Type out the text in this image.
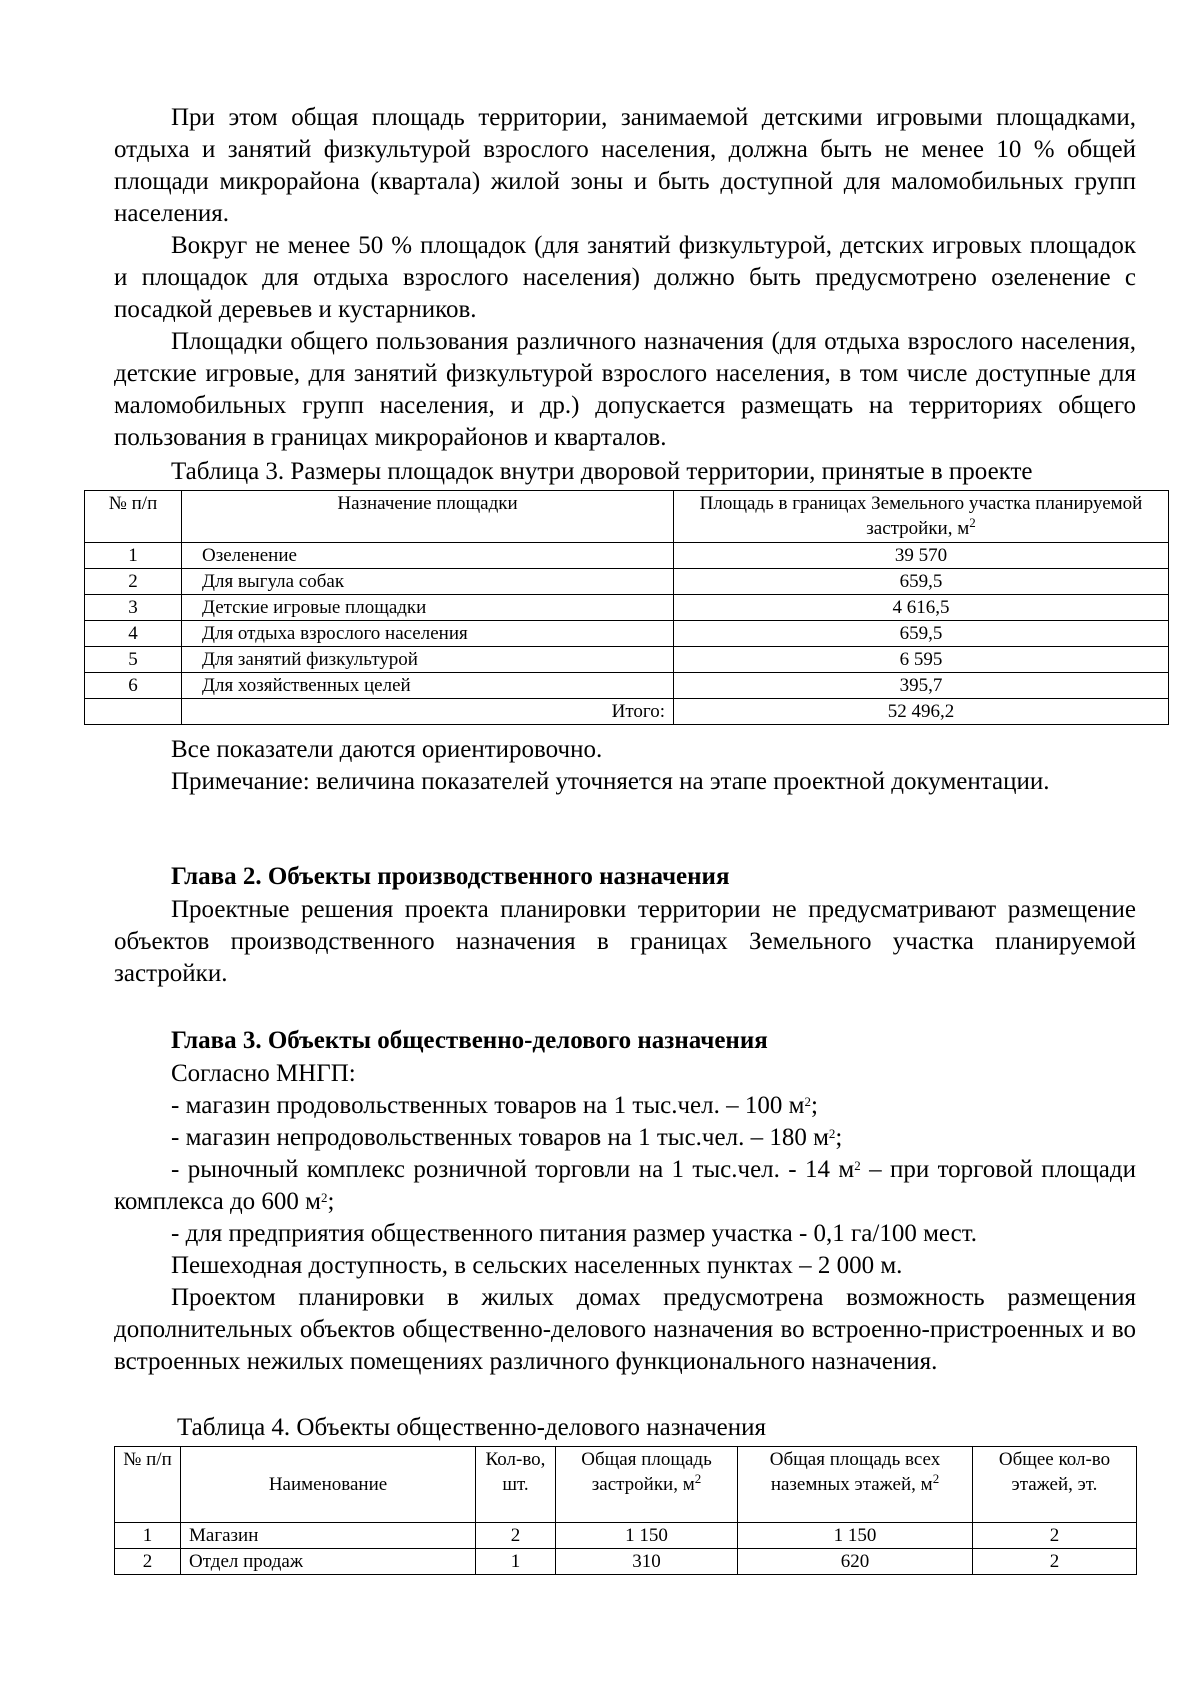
При этом общая площадь территории, занимаемой детскими игровыми площадками, отдыха и занятий физкультурой взрослого населения, должна быть не менее 10 % общей площади микрорайона (квартала) жилой зоны и быть доступной для маломобильных групп населения.

Вокруг не менее 50 % площадок (для занятий физкультурой, детских игровых площадок и площадок для отдыха взрослого населения) должно быть предусмотрено озеленение с посадкой деревьев и кустарников.

Площадки общего пользования различного назначения (для отдыха взрослого населения, детские игровые, для занятий физкультурой взрослого населения, в том числе доступные для маломобильных групп населения, и др.) допускается размещать на территориях общего пользования в границах микрорайонов и кварталов.

Таблица 3. Размеры площадок внутри дворовой территории, принятые в проекте
№ п/п	Назначение площадки	Площадь в границах Земельного участка планируемой застройки, $м^2$
1	Озеленение	39 570
2	Для выгула собак	659,5
3	Детские игровые площадки	4 616,5
4	Для отдыха взрослого населения	659,5
5	Для занятий физкультурой	6 595
6	Для хозяйственных целей	395,7
	Итого:	52 496,2
Все показатели даются ориентировочно.

Примечание: величина показателей уточняется на этапе проектной документации.

Глава 2. Объекты производственного назначения

Проектные решения проекта планировки территории не предусматривают размещение объектов производственного назначения в границах Земельного участка планируемой застройки.

Глава 3. Объекты общественно-делового назначения
Согласно МНГП:
- магазин продовольственных товаров на 1 тыс.чел. – 100 $м^2$;
- магазин непродовольственных товаров на 1 тыс.чел. – 180 $м^2$;

- рыночный комплекс розничной торговли на 1 тыс.чел. - 14 $м^2$ – при торговой площади комплекса до 600 $м^2$;

- для предприятия общественного питания размер участка - 0,1 га/100 мест.
Пешеходная доступность, в сельских населенных пунктах – 2 000 м.

Проектом планировки в жилых домах предусмотрена возможность размещения дополнительных объектов общественно-делового назначения во встроенно-пристроенных и во встроенных нежилых помещениях различного функционального назначения.

Таблица 4. Объекты общественно-делового назначения
№ п/п	Наименование	Кол-во, шт.	Общая площадь застройки, $м^2$	Общая площадь всех наземных этажей, $м^2$	Общее кол-во этажей, эт.
1	Магазин	2	1 150	1 150	2
2	Отдел продаж	1	310	620	2
